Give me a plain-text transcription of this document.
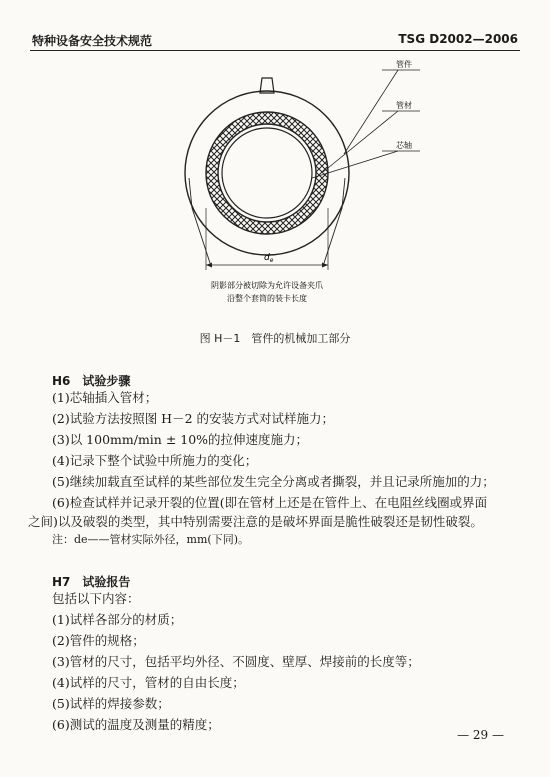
特种设备安全技术规范	TSG D2002—2006
$d_e$
管件
管材
芯轴
阴影部分被切除为允许设备夹爪
沿整个套筒的装卡长度
图 H－1　管件的机械加工部分
H6　试验步骤
(1)芯轴插入管材；
(2)试验方法按照图 H－2 的安装方式对试样施力；
(3)以 100mm/min ± 10%的拉伸速度施力；
(4)记录下整个试验中所施力的变化；
(5)继续加载直至试样的某些部位发生完全分离或者撕裂，并且记录所施加的力；
(6)检查试样并记录开裂的位置(即在管材上还是在管件上、在电阻丝线圈或界面
之间)以及破裂的类型，其中特别需要注意的是破坏界面是脆性破裂还是韧性破裂。
注：de——管材实际外径，mm(下同)。
H7　试验报告
包括以下内容：
(1)试样各部分的材质；
(2)管件的规格；
(3)管材的尺寸，包括平均外径、不圆度、壁厚、焊接前的长度等；
(4)试样的尺寸，管材的自由长度；
(5)试样的焊接参数；
(6)测试的温度及测量的精度；
— 29 —
